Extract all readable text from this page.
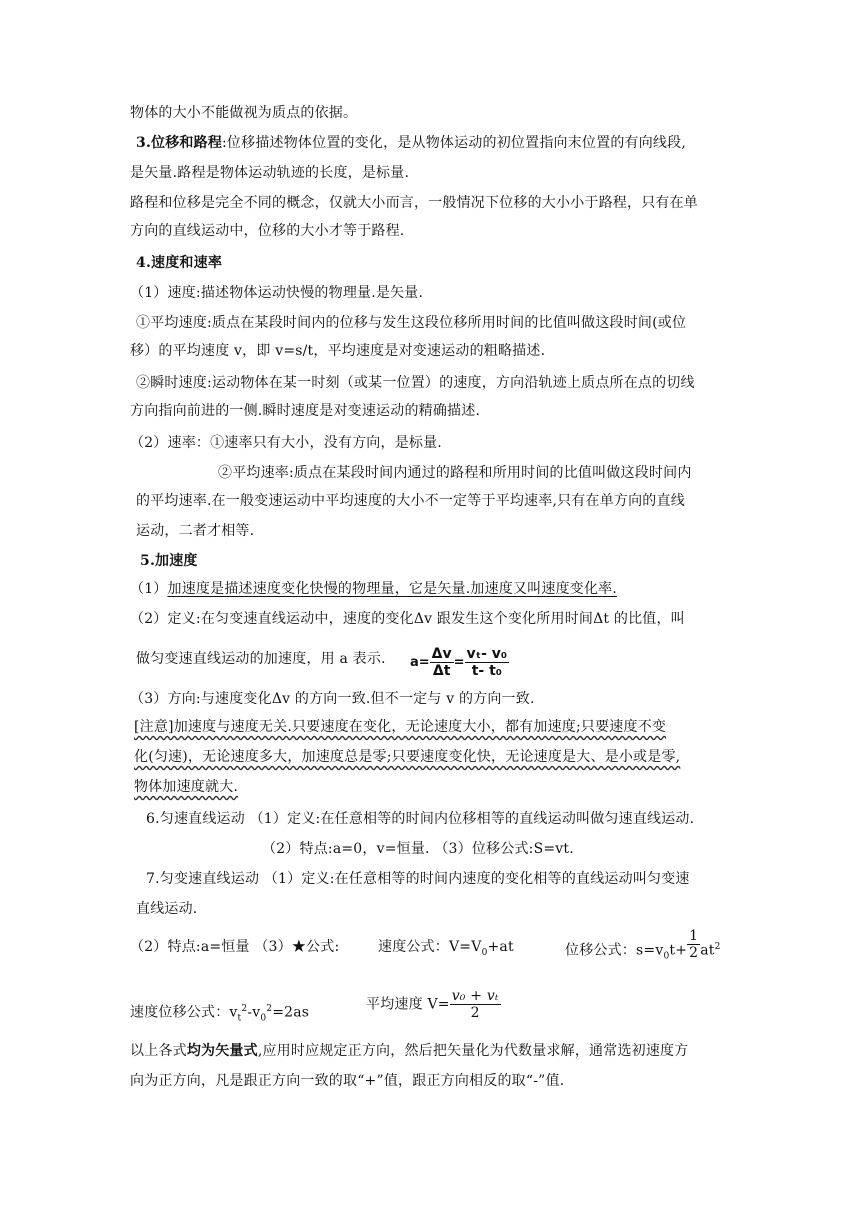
物体的大小不能做视为质点的依据。
3.位移和路程:位移描述物体位置的变化，是从物体运动的初位置指向末位置的有向线段,
是矢量.路程是物体运动轨迹的长度，是标量.
路程和位移是完全不同的概念，仅就大小而言，一般情况下位移的大小小于路程，只有在单
方向的直线运动中，位移的大小才等于路程.
4.速度和速率
（1）速度:描述物体运动快慢的物理量.是矢量.
①平均速度:质点在某段时间内的位移与发生这段位移所用时间的比值叫做这段时间(或位
移）的平均速度 v，即 v=s/t，平均速度是对变速运动的粗略描述.
②瞬时速度:运动物体在某一时刻（或某一位置）的速度，方向沿轨迹上质点所在点的切线
方向指向前进的一侧.瞬时速度是对变速运动的精确描述.
（2）速率：①速率只有大小，没有方向，是标量.
②平均速率:质点在某段时间内通过的路程和所用时间的比值叫做这段时间内
的平均速率.在一般变速运动中平均速度的大小不一定等于平均速率,只有在单方向的直线
运动，二者才相等.
5.加速度
（1）加速度是描述速度变化快慢的物理量，它是矢量.加速度又叫速度变化率.
（2）定义:在匀变速直线运动中，速度的变化Δv 跟发生这个变化所用时间Δt 的比值，叫
做匀变速直线运动的加速度，用 a 表示. $a= \frac{\Delta v}{\Delta t} = \frac{\text{vₜ- v₀}}{\text{t- t₀}}$
（3）方向:与速度变化Δv 的方向一致.但不一定与 v 的方向一致.
[注意]加速度与速度无关.只要速度在变化，无论速度大小，都有加速度;只要速度不变
化(匀速)，无论速度多大，加速度总是零;只要速度变化快，无论速度是大、是小或是零,
物体加速度就大.
6.匀速直线运动 （1）定义:在任意相等的时间内位移相等的直线运动叫做匀速直线运动.
（2）特点:a=0，v=恒量. （3）位移公式:S=vt.
7.匀变速直线运动 （1）定义:在任意相等的时间内速度的变化相等的直线运动叫匀变速
直线运动.
（2）特点:a=恒量 （3）★公式:	速度公式：$V=V_0+at$	位移公式：$s=v_0t+ \frac{1}{2} at^2$
速度位移公式：$v_t^2-v_0^2=2as$
平均速度 $V= \frac{\text{v₀ + vₜ}}{2}$
以上各式均为矢量式,应用时应规定正方向，然后把矢量化为代数量求解，通常选初速度方
向为正方向，凡是跟正方向一致的取“+”值，跟正方向相反的取“-”值.
